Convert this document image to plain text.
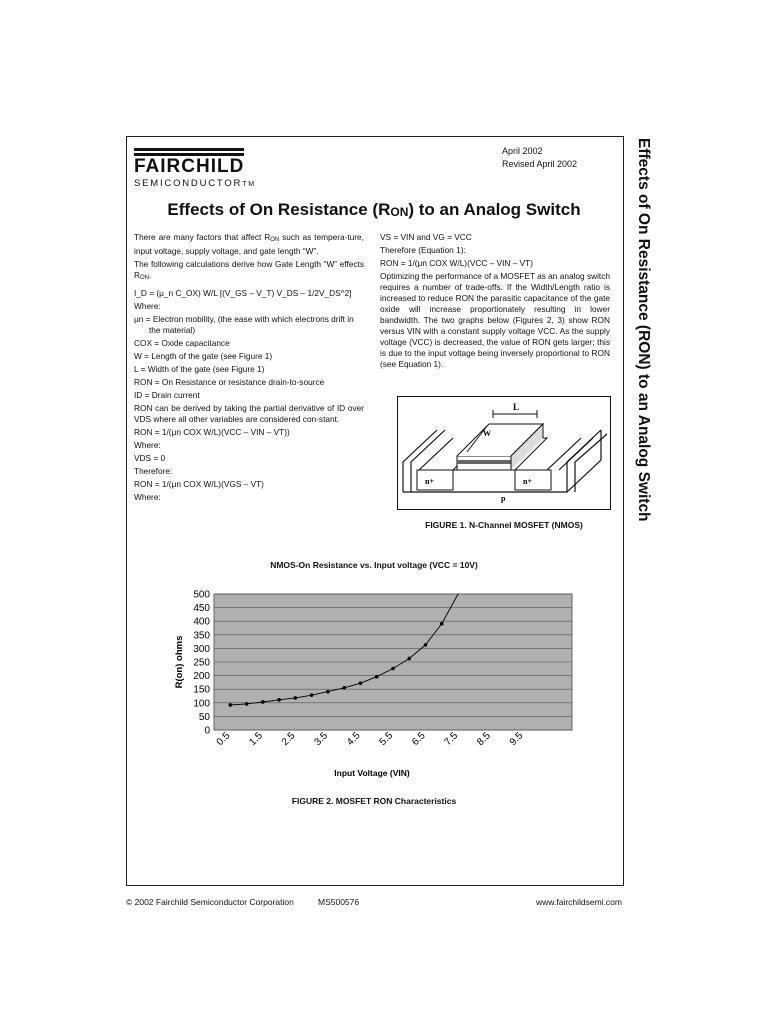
Effects of On Resistance (RON) to an Analog Switch
FAIRCHILD
SEMICONDUCTORTM
April 2002
Revised April 2002
Effects of On Resistance $(R_{ON})$ to an Analog Switch

There are many factors that affect $R_{ON}$ such as tempera-ture, input voltage, supply voltage, and gate length “W”.

The following calculations derive how Gate Length “W” effects $R_{ON}$.

I_D = (μ_n C_OX) W/L [(V_GS – V_T) V_DS – 1/2V_DS^2]

Where:

μn = Electron mobility, (the ease with which electrons drift in the material)

COX = Oxide capacitance

W = Length of the gate (see Figure 1)

L = Width of the gate (see Figure 1)

RON = On Resistance or resistance drain-to-source

ID = Drain current

RON can be derived by taking the partial derivative of ID over VDS where all other variables are considered con-stant.

RON = 1/(μn COX W/L)(VCC – VIN – VT))

Where:

VDS = 0

Therefore:

RON = 1/(μn COX W/L)(VGS – VT)

Where:

VS = VIN and VG = VCC

Therefore (Equation 1):

RON = 1/(μn COX W/L)(VCC – VIN – VT)

Optimizing the performance of a MOSFET as an analog switch requires a number of trade-offs. If the Width/Length ratio is increased to reduce RON the parasitic capacitance of the gate oxide will increase proportionately resulting in lower bandwidth. The two graphs below (Figures 2, 3) show RON versus VIN with a constant supply voltage VCC. As the supply voltage (VCC) is decreased, the value of RON gets larger; this is due to the input voltage being inversely proportional to RON (see Equation 1).

n+	n+
L
W
p
FIGURE 1. N-Channel MOSFET (NMOS)
NMOS-On Resistance vs. Input voltage (VCC = 10V)
0
50
100
150
200
250
300
350
400
450
500
0.5 1.5 2.5 3.5 4.5 5.5 6.5 7.5 8.5 9.5
R(on) ohms
Input Voltage (VIN)
FIGURE 2. MOSFET RON Characteristics
© 2002 Fairchild Semiconductor Corporation	MS500576	www.fairchildsemi.com
